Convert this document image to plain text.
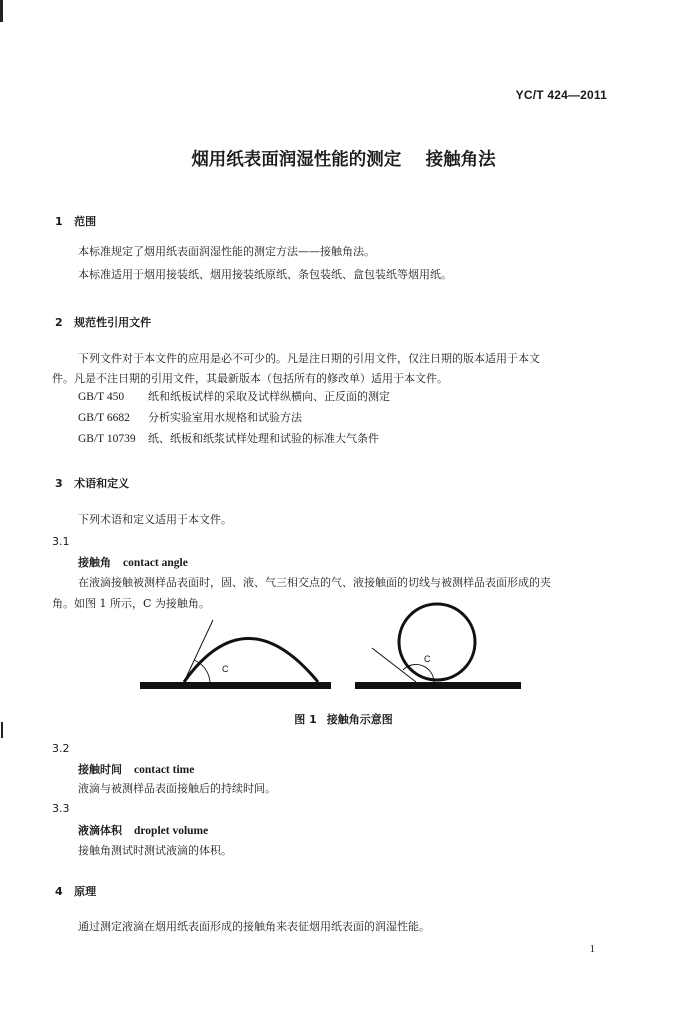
YC/T 424—2011
烟用纸表面润湿性能的测定    接触角法
1 范围
本标准规定了烟用纸表面润湿性能的测定方法——接触角法。
本标准适用于烟用接装纸、烟用接装纸原纸、条包装纸、盒包装纸等烟用纸。
2 规范性引用文件
下列文件对于本文件的应用是必不可少的。凡是注日期的引用文件，仅注日期的版本适用于本文
件。凡是不注日期的引用文件，其最新版本（包括所有的修改单）适用于本文件。
GB/T 450 纸和纸板试样的采取及试样纵横向、正反面的测定
GB/T 6682 分析实验室用水规格和试验方法
GB/T 10739 纸、纸板和纸浆试样处理和试验的标准大气条件
3 术语和定义
下列术语和定义适用于本文件。
3.1
接触角 contact angle
在液滴接触被测样品表面时，固、液、气三相交点的气、液接触面的切线与被测样品表面形成的夹
角。如图 1 所示，C 为接触角。
C
C
图 1 接触角示意图
3.2
接触时间 contact time
液滴与被测样品表面接触后的持续时间。
3.3
液滴体积 droplet volume
接触角测试时测试液滴的体积。
4 原理
通过测定液滴在烟用纸表面形成的接触角来表征烟用纸表面的润湿性能。
1
